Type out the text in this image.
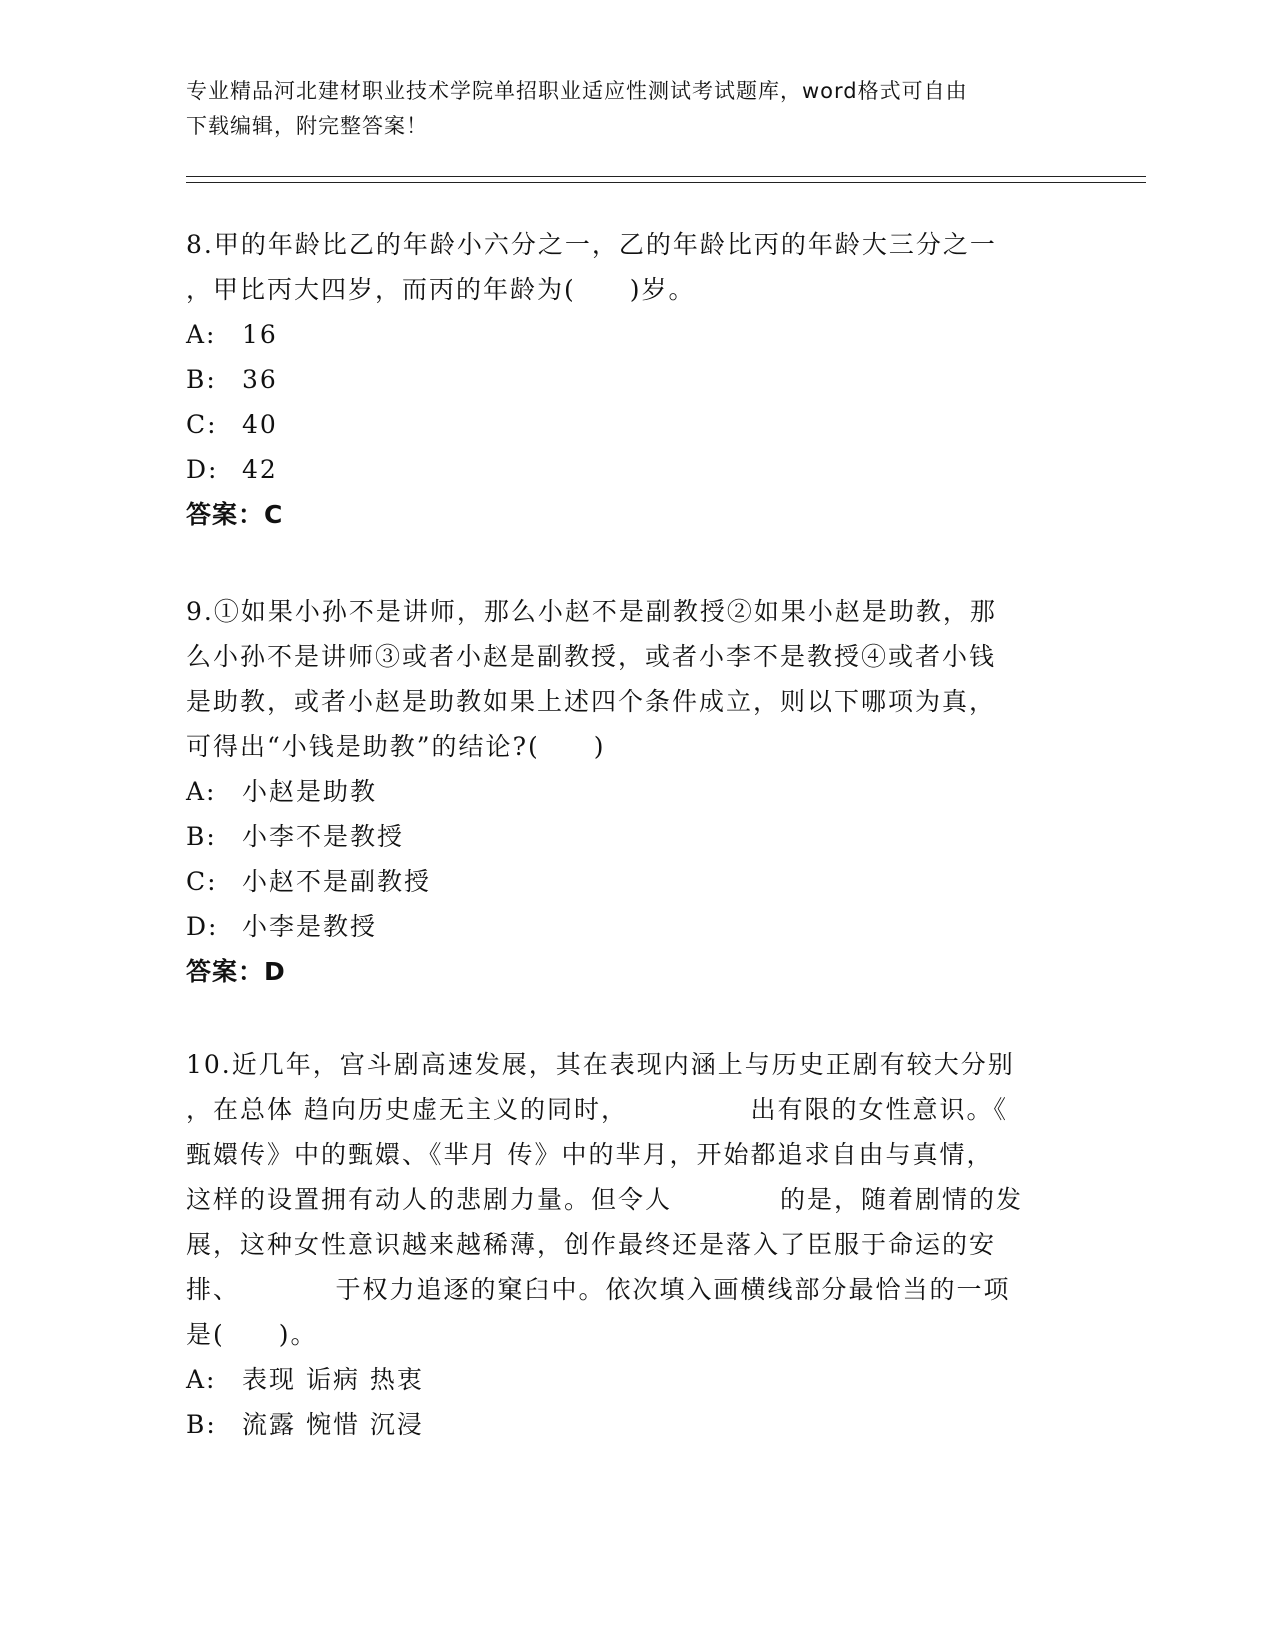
专业精品河北建材职业技术学院单招职业适应性测试考试题库，word格式可自由
下载编辑，附完整答案！
8.甲的年龄比乙的年龄小六分之一，乙的年龄比丙的年龄大三分之一
，甲比丙大四岁，而丙的年龄为(　　)岁。
A:	16
B:	36
C: 40
D: 42
答案：C
9.①如果小孙不是讲师，那么小赵不是副教授②如果小赵是助教，那
么小孙不是讲师③或者小赵是副教授，或者小李不是教授④或者小钱
是助教，或者小赵是助教如果上述四个条件成立，则以下哪项为真，
可得出“小钱是助教”的结论?(　　)
A:	小赵是助教
B:	小李不是教授
C: 小赵不是副教授
D: 小李是教授
答案：D
10.近几年，宫斗剧高速发展，其在表现内涵上与历史正剧有较大分别
，在总体 趋向历史虚无主义的同时，　　　　　出有限的女性意识。《
甄嬛传》中的甄嬛、《芈月 传》中的芈月，开始都追求自由与真情，
这样的设置拥有动人的悲剧力量。但令人　　　　的是，随着剧情的发
展，这种女性意识越来越稀薄，创作最终还是落入了臣服于命运的安
排、　　　　于权力追逐的窠臼中。依次填入画横线部分最恰当的一项
是(　　)。
A:	表现 诟病 热衷
B:	流露 惋惜 沉浸
